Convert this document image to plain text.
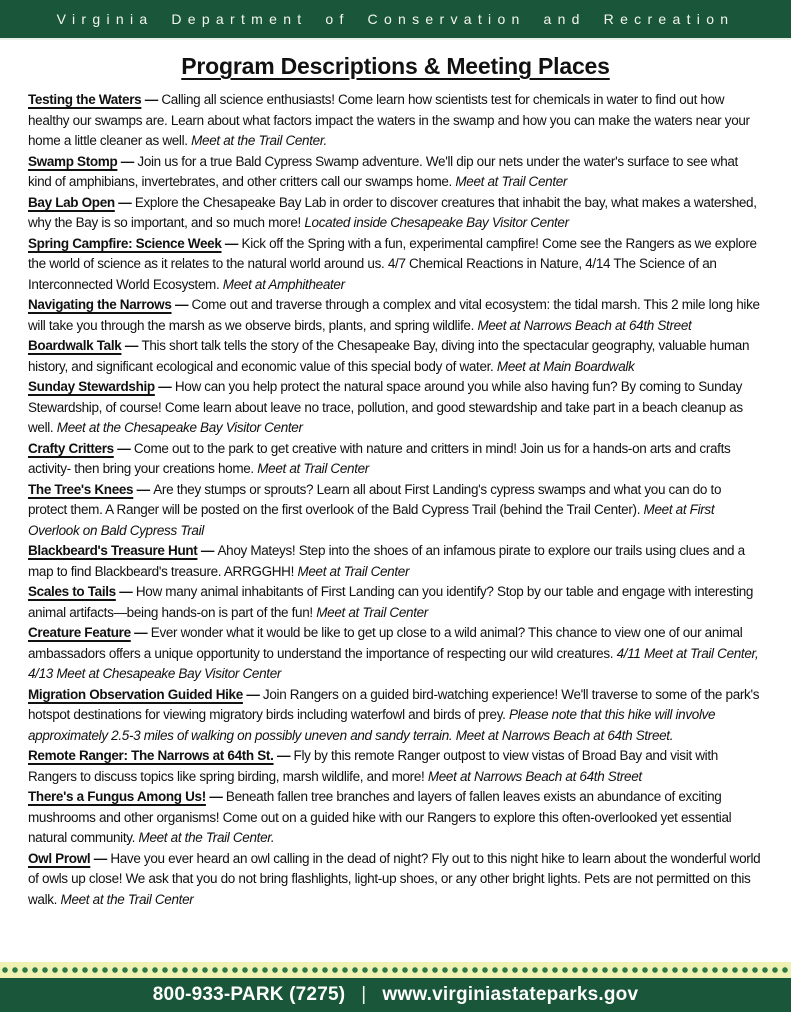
Virginia Department of Conservation and Recreation
Program Descriptions & Meeting Places

Testing the Waters — Calling all science enthusiasts! Come learn how scientists test for chemicals in water to find out how healthy our swamps are. Learn about what factors impact the waters in the swamp and how you can make the waters near your home a little cleaner as well. Meet at the Trail Center.

Swamp Stomp — Join us for a true Bald Cypress Swamp adventure. We'll dip our nets under the water's surface to see what kind of amphibians, invertebrates, and other critters call our swamps home. Meet at Trail Center

Bay Lab Open — Explore the Chesapeake Bay Lab in order to discover creatures that inhabit the bay, what makes a watershed, why the Bay is so important, and so much more! Located inside Chesapeake Bay Visitor Center

Spring Campfire: Science Week — Kick off the Spring with a fun, experimental campfire! Come see the Rangers as we explore the world of science as it relates to the natural world around us. 4/7 Chemical Reactions in Nature, 4/14 The Science of an Interconnected World Ecosystem. Meet at Amphitheater

Navigating the Narrows — Come out and traverse through a complex and vital ecosystem: the tidal marsh. This 2 mile long hike will take you through the marsh as we observe birds, plants, and spring wildlife. Meet at Narrows Beach at 64th Street

Boardwalk Talk — This short talk tells the story of the Chesapeake Bay, diving into the spectacular geography, valuable human history, and significant ecological and economic value of this special body of water. Meet at Main Boardwalk

Sunday Stewardship — How can you help protect the natural space around you while also having fun? By coming to Sunday Stewardship, of course! Come learn about leave no trace, pollution, and good stewardship and take part in a beach cleanup as well. Meet at the Chesapeake Bay Visitor Center

Crafty Critters — Come out to the park to get creative with nature and critters in mind! Join us for a hands-on arts and crafts activity- then bring your creations home. Meet at Trail Center

The Tree's Knees — Are they stumps or sprouts? Learn all about First Landing's cypress swamps and what you can do to protect them. A Ranger will be posted on the first overlook of the Bald Cypress Trail (behind the Trail Center). Meet at First Overlook on Bald Cypress Trail

Blackbeard's Treasure Hunt — Ahoy Mateys! Step into the shoes of an infamous pirate to explore our trails using clues and a map to find Blackbeard's treasure. ARRGGHH! Meet at Trail Center

Scales to Tails — How many animal inhabitants of First Landing can you identify? Stop by our table and engage with interesting animal artifacts—being hands-on is part of the fun! Meet at Trail Center

Creature Feature — Ever wonder what it would be like to get up close to a wild animal? This chance to view one of our animal ambassadors offers a unique opportunity to understand the importance of respecting our wild creatures. 4/11 Meet at Trail Center, 4/13 Meet at Chesapeake Bay Visitor Center

Migration Observation Guided Hike — Join Rangers on a guided bird-watching experience! We'll traverse to some of the park's hotspot destinations for viewing migratory birds including waterfowl and birds of prey. Please note that this hike will involve approximately 2.5-3 miles of walking on possibly uneven and sandy terrain. Meet at Narrows Beach at 64th Street.

Remote Ranger: The Narrows at 64th St. — Fly by this remote Ranger outpost to view vistas of Broad Bay and visit with Rangers to discuss topics like spring birding, marsh wildlife, and more! Meet at Narrows Beach at 64th Street

There's a Fungus Among Us! — Beneath fallen tree branches and layers of fallen leaves exists an abundance of exciting mushrooms and other organisms! Come out on a guided hike with our Rangers to explore this often-overlooked yet essential natural community. Meet at the Trail Center.

Owl Prowl — Have you ever heard an owl calling in the dead of night? Fly out to this night hike to learn about the wonderful world of owls up close! We ask that you do not bring flashlights, light-up shoes, or any other bright lights. Pets are not permitted on this walk. Meet at the Trail Center

800-933-PARK (7275) | www.virginiastateparks.gov
